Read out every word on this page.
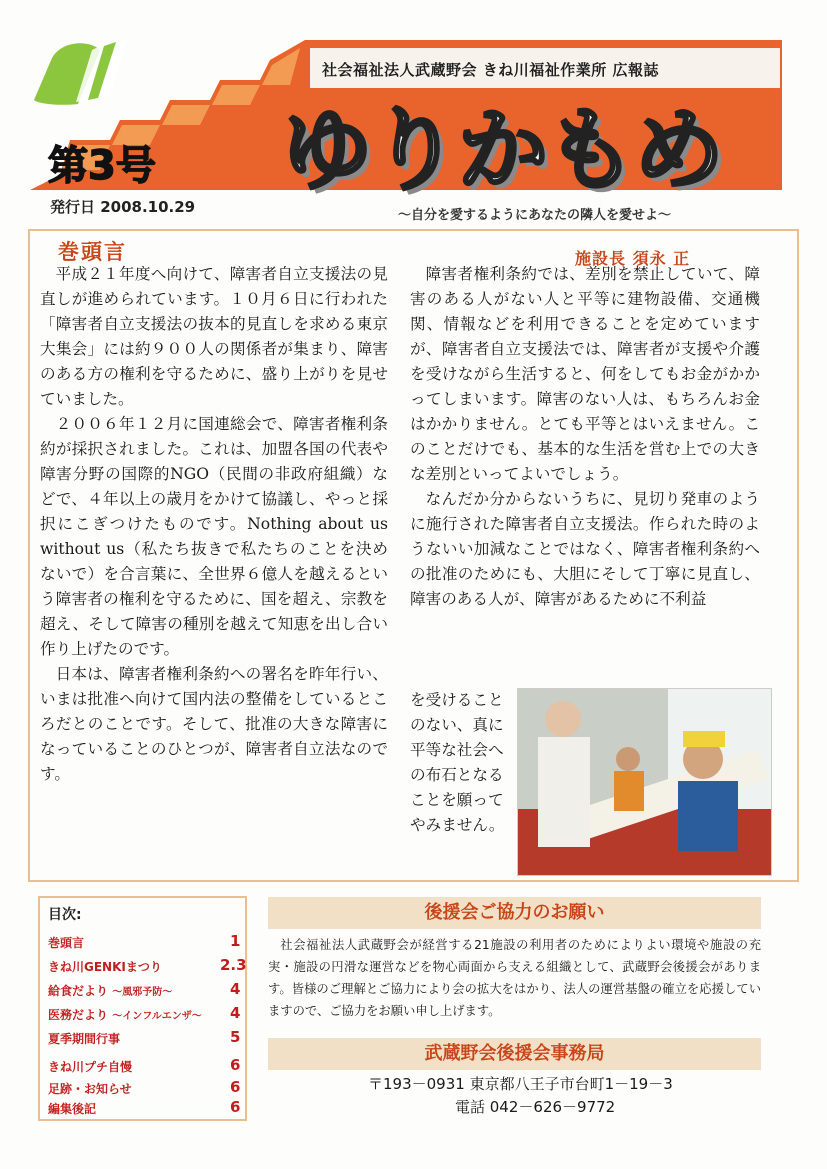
社会福祉法人武蔵野会 きね川福祉作業所 広報誌
第3号
発行日 2008.10.29
ゆりかもめ
～自分を愛するようにあなたの隣人を愛せよ～
巻頭言	施設長 須永 正

平成２１年度へ向けて、障害者自立支援法の見直しが進められています。１０月６日に行われた「障害者自立支援法の抜本的見直しを求める東京大集会」には約９００人の関係者が集まり、障害のある方の権利を守るために、盛り上がりを見せていました。

２００６年１２月に国連総会で、障害者権利条約が採択されました。これは、加盟各国の代表や障害分野の国際的NGO（民間の非政府組織）などで、４年以上の歳月をかけて協議し、やっと採択にこぎつけたものです。Nothing about us without us（私たち抜きで私たちのことを決めないで）を合言葉に、全世界６億人を越えるという障害者の権利を守るために、国を超え、宗教を超え、そして障害の種別を越えて知恵を出し合い作り上げたのです。

日本は、障害者権利条約への署名を昨年行い、いまは批准へ向けて国内法の整備をしているところだとのことです。そして、批准の大きな障害になっていることのひとつが、障害者自立法なのです。

障害者権利条約では、差別を禁止していて、障害のある人がない人と平等に建物設備、交通機関、情報などを利用できることを定めていますが、障害者自立支援法では、障害者が支援や介護を受けながら生活すると、何をしてもお金がかかってしまいます。障害のない人は、もちろんお金はかかりません。とても平等とはいえません。このことだけでも、基本的な生活を営む上での大きな差別といってよいでしょう。

なんだか分からないうちに、見切り発車のように施行された障害者自立支援法。作られた時のようないい加減なことではなく、障害者権利条約への批准のためにも、大胆にそして丁寧に見直し、障害のある人が、障害があるために不利益

を受けることのない、真に平等な社会への布石となることを願ってやみません。

目次:
巻頭言	1
きね川GENKIまつり	2.3
給食だより ～風邪予防～	4
医務だより ～インフルエンザ～ 4
夏季期間行事	5
きね川プチ自慢	6
足跡・お知らせ	6
編集後記	6
後援会ご協力のお願い

社会福祉法人武蔵野会が経営する21施設の利用者のためによりよい環境や施設の充実・施設の円滑な運営などを物心両面から支える組織として、武蔵野会後援会があります。皆様のご理解とご協力により会の拡大をはかり、法人の運営基盤の確立を応援していますので、ご協力をお願い申し上げます。

武蔵野会後援会事務局
〒193－0931 東京都八王子市台町1－19－3
電話 042－626－9772
